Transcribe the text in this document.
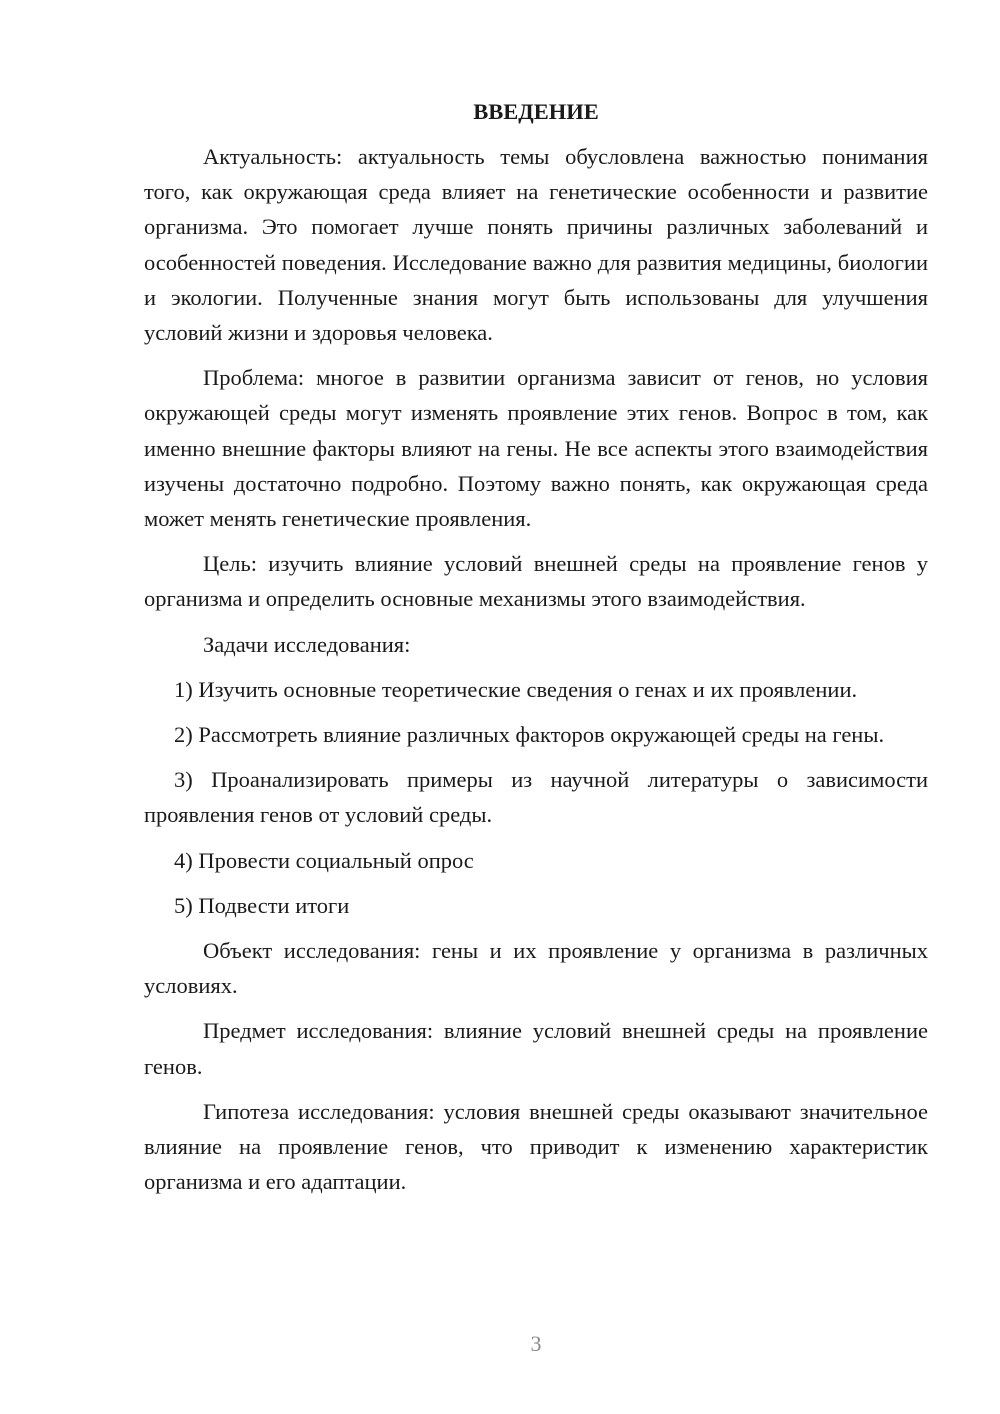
ВВЕДЕНИЕ

Актуальность: актуальность темы обусловлена важностью понимания того, как окружающая среда влияет на генетические особенности и развитие организма. Это помогает лучше понять причины различных заболеваний и особенностей поведения. Исследование важно для развития медицины, биологии и экологии. Полученные знания могут быть использованы для улучшения условий жизни и здоровья человека.

Проблема: многое в развитии организма зависит от генов, но условия окружающей среды могут изменять проявление этих генов. Вопрос в том, как именно внешние факторы влияют на гены. Не все аспекты этого взаимодействия изучены достаточно подробно. Поэтому важно понять, как окружающая среда может менять генетические проявления.

Цель: изучить влияние условий внешней среды на проявление генов у организма и определить основные механизмы этого взаимодействия.

Задачи исследования:

1) Изучить основные теоретические сведения о генах и их проявлении.

2) Рассмотреть влияние различных факторов окружающей среды на гены.

3) Проанализировать примеры из научной литературы о зависимости проявления генов от условий среды.

4) Провести социальный опрос

5) Подвести итоги

Объект исследования: гены и их проявление у организма в различных условиях.

Предмет исследования: влияние условий внешней среды на проявление генов.

Гипотеза исследования: условия внешней среды оказывают значительное влияние на проявление генов, что приводит к изменению характеристик организма и его адаптации.

3
